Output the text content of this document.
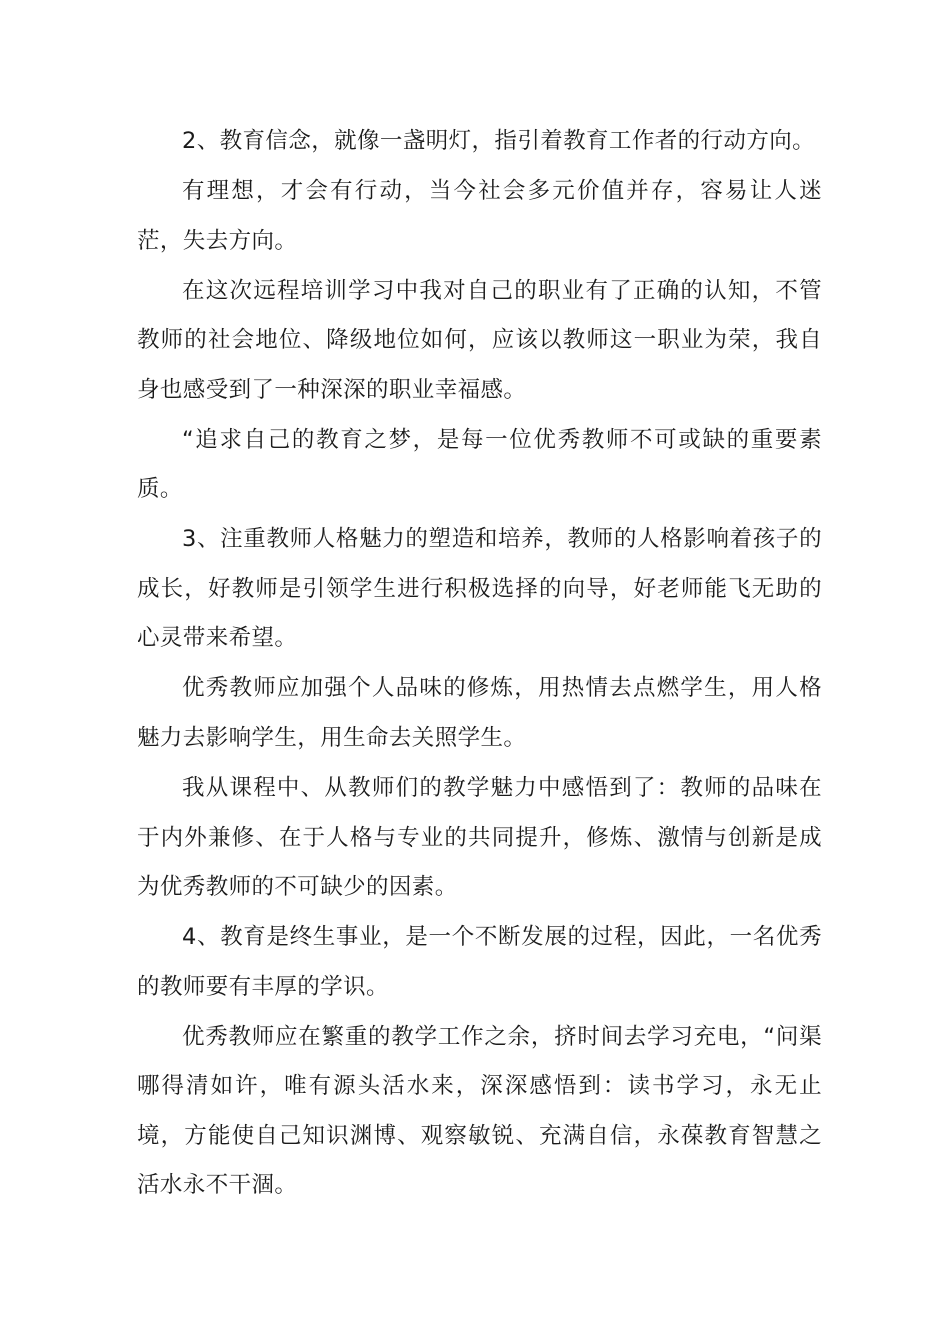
2、教育信念，就像一盏明灯，指引着教育工作者的行动方向。

有理想，才会有行动，当今社会多元价值并存，容易让人迷茫，失去方向。

在这次远程培训学习中我对自己的职业有了正确的认知，不管教师的社会地位、降级地位如何，应该以教师这一职业为荣，我自身也感受到了一种深深的职业幸福感。

“追求自己的教育之梦，是每一位优秀教师不可或缺的重要素质。

3、注重教师人格魅力的塑造和培养，教师的人格影响着孩子的成长，好教师是引领学生进行积极选择的向导，好老师能飞无助的心灵带来希望。

优秀教师应加强个人品味的修炼，用热情去点燃学生，用人格魅力去影响学生，用生命去关照学生。

我从课程中、从教师们的教学魅力中感悟到了：教师的品味在于内外兼修、在于人格与专业的共同提升，修炼、激情与创新是成为优秀教师的不可缺少的因素。

4、教育是终生事业，是一个不断发展的过程，因此，一名优秀的教师要有丰厚的学识。

优秀教师应在繁重的教学工作之余，挤时间去学习充电，“问渠哪得清如许，唯有源头活水来，深深感悟到：读书学习，永无止境，方能使自己知识渊博、观察敏锐、充满自信，永葆教育智慧之活水永不干涸。
